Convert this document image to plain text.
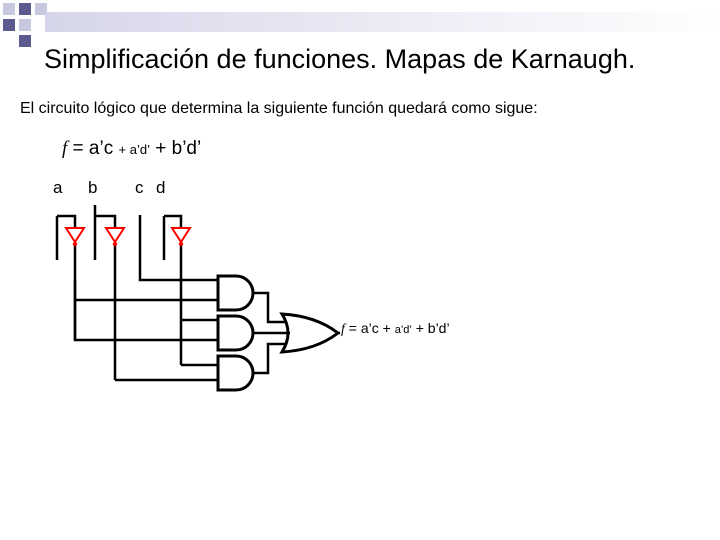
Simplificación de funciones. Mapas de Karnaugh.
El circuito lógico que determina la siguiente función quedará como sigue:
f = a’c + a’d’ + b’d’
a b c d
f = a’c + a’d’ + b’d’
